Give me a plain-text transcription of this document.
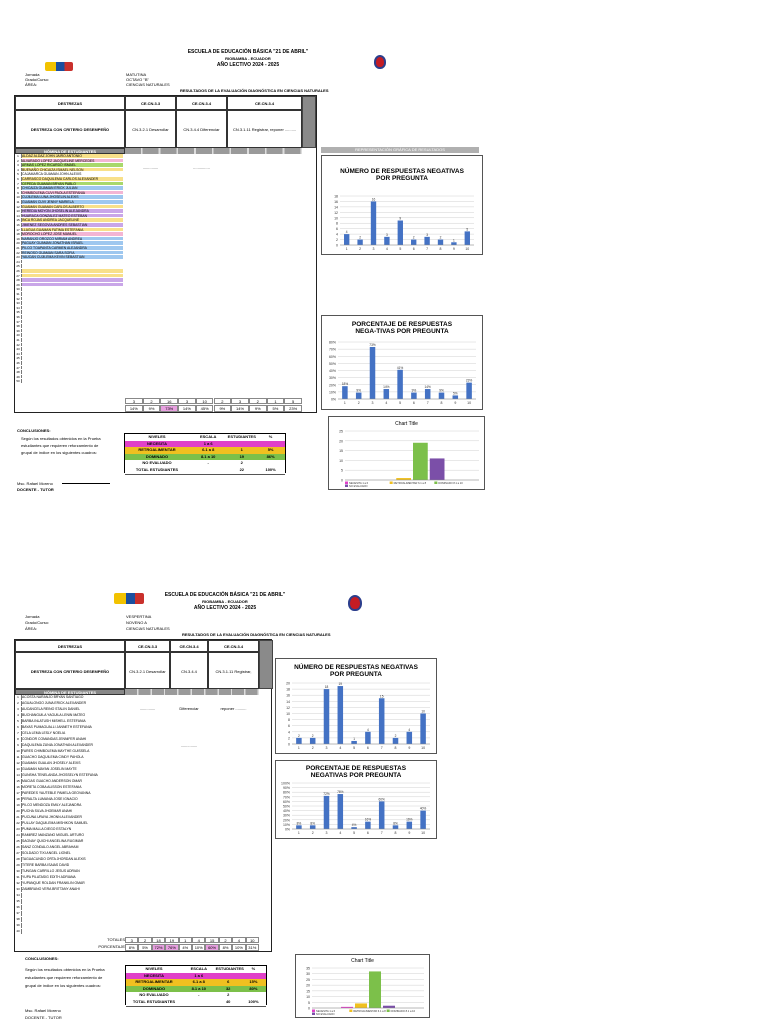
ESCUELA DE EDUCACIÓN BÁSICA "21 DE ABRIL"
RIOBAMBA - ECUADOR
AÑO LECTIVO 2024 - 2025
Jornada
Grado/Curso:
ÁREA:
MATUTINA
OCTAVO "B"
CIENCIAS NATURALES
RESULTADOS DE LA EVALUACIÓN DIAGNÓSTICA EN CIENCIAS NATURALES
DESTREZAS	CE.CN.3.3	CE.CN.3.4	CE.CN.3.4
DESTREZA CON CRITERIO DESEMPEÑO	CN.3.2.1 Desarrollar ..............
CN.3.4.4 Diferenciar ...............
CN.3.1.11 Registrar, reponer ..........
NÓMINA DE ESTUDIANTES
1 ALDAZ ALDAZ JOHN JAIRO ANTONIO
2 ALVARADO LOPEZ JACQUELINE MERCEDES
3 ARMAS LOPEZ RICARDO ISMAEL
4 BUENAÑO CHICAIZA ISMAEL NELSON
5 CAJAMARCA GUAMAN JOHN ALEXIS
6 CARRASCO DAQUILEMA CARLOS ALEXANDER
7 CEPEDA GUAMAN BRYAN PABLO
8 CHICAIZA GUAMAN ERICK JULIAN
9 CHIMBOLEMA CUVI PAOLA ESTEFANIA
10 CUJILEMA LUNA JHOSELIN ALEXIS
11 GUAMAN CUVI JENNY MARIELA
12 GUAMAN GUAMAN CARLOS ALBERTO
13 HEREDIA MOYON JHOSELIN ALEJANDRA
14 HUARACA GONZALEZ MATEO ESTEBAN
15 INCA ROJAS ANDREA JACQUELINE
16 JIMENEZ SEGOVIA ANDRES SEBASTIAN
17 LLAGUA GUAMAN FATIMA ESTEFANIA
18 MOROCHO LOPEZ JOSE MANUEL
19 NARANJO OROZCO MIRIAM ANDREA
20 PAGUAY GUAMAN JONATHAN ISRAEL
21 PILCO TOAPANTA CARMEN ALEJANDRA
22 REINOSO GUAMAN SARA SOFIA
23 YAUCAN CUJILEMA KEVIN SEBASTIAN
24
25
26
27
28
29
30
31
32
33
34
35
36
37
38
39
40
41
42
43
44
45
46
47
48
49
50
3	2	16	3	10	2	3	2	1	5
14%	9%	73%	14%	45%	9%	14%	9%	5%	23%
REPRESENTACIÓN GRÁFICA DE RESULTADOS
NÚMERO DE RESPUESTAS NEGATIVAS POR PREGUNTA
0
2
4
6
8
10
12
14
16
18
4
1
2
2
16
3
3
4
9
5
2
6
3
7
2
8
1
9
5
10
PORCENTAJE DE RESPUESTAS NEGA-TIVAS POR PREGUNTA
0%
10%
20%
30%
40%
50%
60%
70%
80%
18%
1
9%
2
73%
3
14%
4
41%
5
9%
6
14%
7
9%
8
5%
9
23%
10
Chart Title
0
5
10
15
20
25
NECESITA 1 a 6	RETROALIMENTAR 6.1 a 8	DOMINADO 8.1 a 10
NO EVALUADO
CONCLUSIONES:
Según los resultados obtenidos en la Prueba
estudiantes que requieren reforzamiento de
grupal de índice en los siguientes cuadros:
NIVELES	ESCALA	ESTUDIANTES	%
NECESITA	1 a 6
RETROALIMENTAR	6.1 a 8	1	5%
DOMINADO	8.1 a 10	19	86%
NO EVALUADO	-	2
TOTAL ESTUDIANTES	22	100%
Msc. Rafael Moreno
DOCENTE - TUTOR
ESCUELA DE EDUCACIÓN BÁSICA "21 DE ABRIL"
RIOBAMBA - ECUADOR
AÑO LECTIVO 2024 - 2025
Jornada
Grado/Curso:
ÁREA:
VESPERTINA
NOVENO A
CIENCIAS NATURALES
RESULTADOS DE LA EVALUACIÓN DIAGNÓSTICA EN CIENCIAS NATURALES
DESTREZAS	CE.CN.3.3	CE.CN.3.4	CE.CN.3.4
DESTREZA CON CRITERIO DESEMPEÑO	CN.3.2.1 Desarrollar ..............
CN.3.4.4 Diferenciar ...............
CN.3.1.11 Registrar, reponer ..........
NÓMINA DE ESTUDIANTES
1 ACOSTA NARANJO BRYAN SANTIAGO
2 AGUALONGO JUNA ERICK ALEXANDER
3 AUCANCELA REINO STALIN DANIEL
4 BUCHANGUILA YAGUILA LENIN MATEO
5 BARBA INLATUSH MISHELL ESTEFANIA
6 BAYAS PUMAGUALLI JANNETH ESTEFANIA
7 CELA LEMA LESLY NOELIA
8 CONDOR COMANDAS JENNIFER ANAHI
9 DAQUILEMA ZUNIA JONATHAN ALEXANDER
10 FARES CHIMBOLEMA MAYTHE GUISSELA
11 GUACHO DAQUILEMA CINDY PAHOLA
12 GUAMAN GUALAN JHOSELY ALEXIS
13 GUAMAN MAYAN JOSELIN MAYTE
14 GUNSHA TENELANDA JHOSSELYN ESTEFANIA
15 MACIAS GUACHO ANDERSON OMAR
16 MORETA COBA ALISSON ESTEFANIA
17 PAREDES YAUTEBLE PAMELA GEOVANNA
18 PERALTA LUMANIA JOSE IGNACIO
19 PILCO MENDOZA EMILY ALEJANDRA
20 PUCHA SILVA JHOEMAR ANAHI
21 PUCUNA URAYA JHONN ALEXANDER
22 PULLAY DAQUILEMA MISHIKON SAMUEL
23 PUMA MALLA DIEGO ESTALYN
24 RAMIREZ MANZANO MIGUEL ARTURO
25 SAGNAY QUICHI ANGELINA RUGIMAR
26 SANZ CONDALO ANGEL ABRAHAM
27 SOLDADO TIXI ANGEL LIONEL
28 TAGUACUNDO ORTA JHORDAN ALEXIS
29 TITERE BARBA ISAIAS DAVID
30 TUNGAN CARRILLO JESUS ADRIAN
31 YUPA PILATASIG EDITH ADRIANA
32 YUPANQUE ROLDAN FRANKLIN OMAR
33 ZAMBRANO VERA BRITTANY ANAHI
34
35
36
37
38
39
40
TOTALES	3	2	18	19	1	4	15	2	4	10
PORCENTAJE 8%	5%	72%	76%	4%	10%	60%	8%	10%	31%
NÚMERO DE RESPUESTAS NEGATIVAS POR PREGUNTA
0
2
4
6
8
10
12
14
16
18
20
2
1
2
2
18
3
19
4
1
5
4
6
15
7
2
8
4
9
10
10
PORCENTAJE DE RESPUESTAS NEGATIVAS POR PREGUNTA
0%
10%
20%
30%
40%
50%
60%
70%
80%
90%
100%
8%
1
8%
2
72%
3
76%
4
4%
5
16%
6
60%
7
8%
8
16%
9
40%
10
Chart Title
0
5
10
15
20
25
30
35
NECESITA 1 a 6	RETROALIMENTAR 6.1 a 8 DOMINADO 8.1 a 10
NO EVALUADO
CONCLUSIONES:
Según los resultados obtenidos en la Prueba
estudiantes que requieren reforzamiento de
grupal de índice en los siguientes cuadros:
NIVELES	ESCALA	ESTUDIANTES	%
NECESITA	1 a 6
RETROALIMENTAR	6.1 a 8	6	15%
DOMINADO	8.1 a 10	32	80%
NO EVALUADO	-	2
TOTAL ESTUDIANTES	40	100%
Msc. Rafael Moreno
DOCENTE - TUTOR
